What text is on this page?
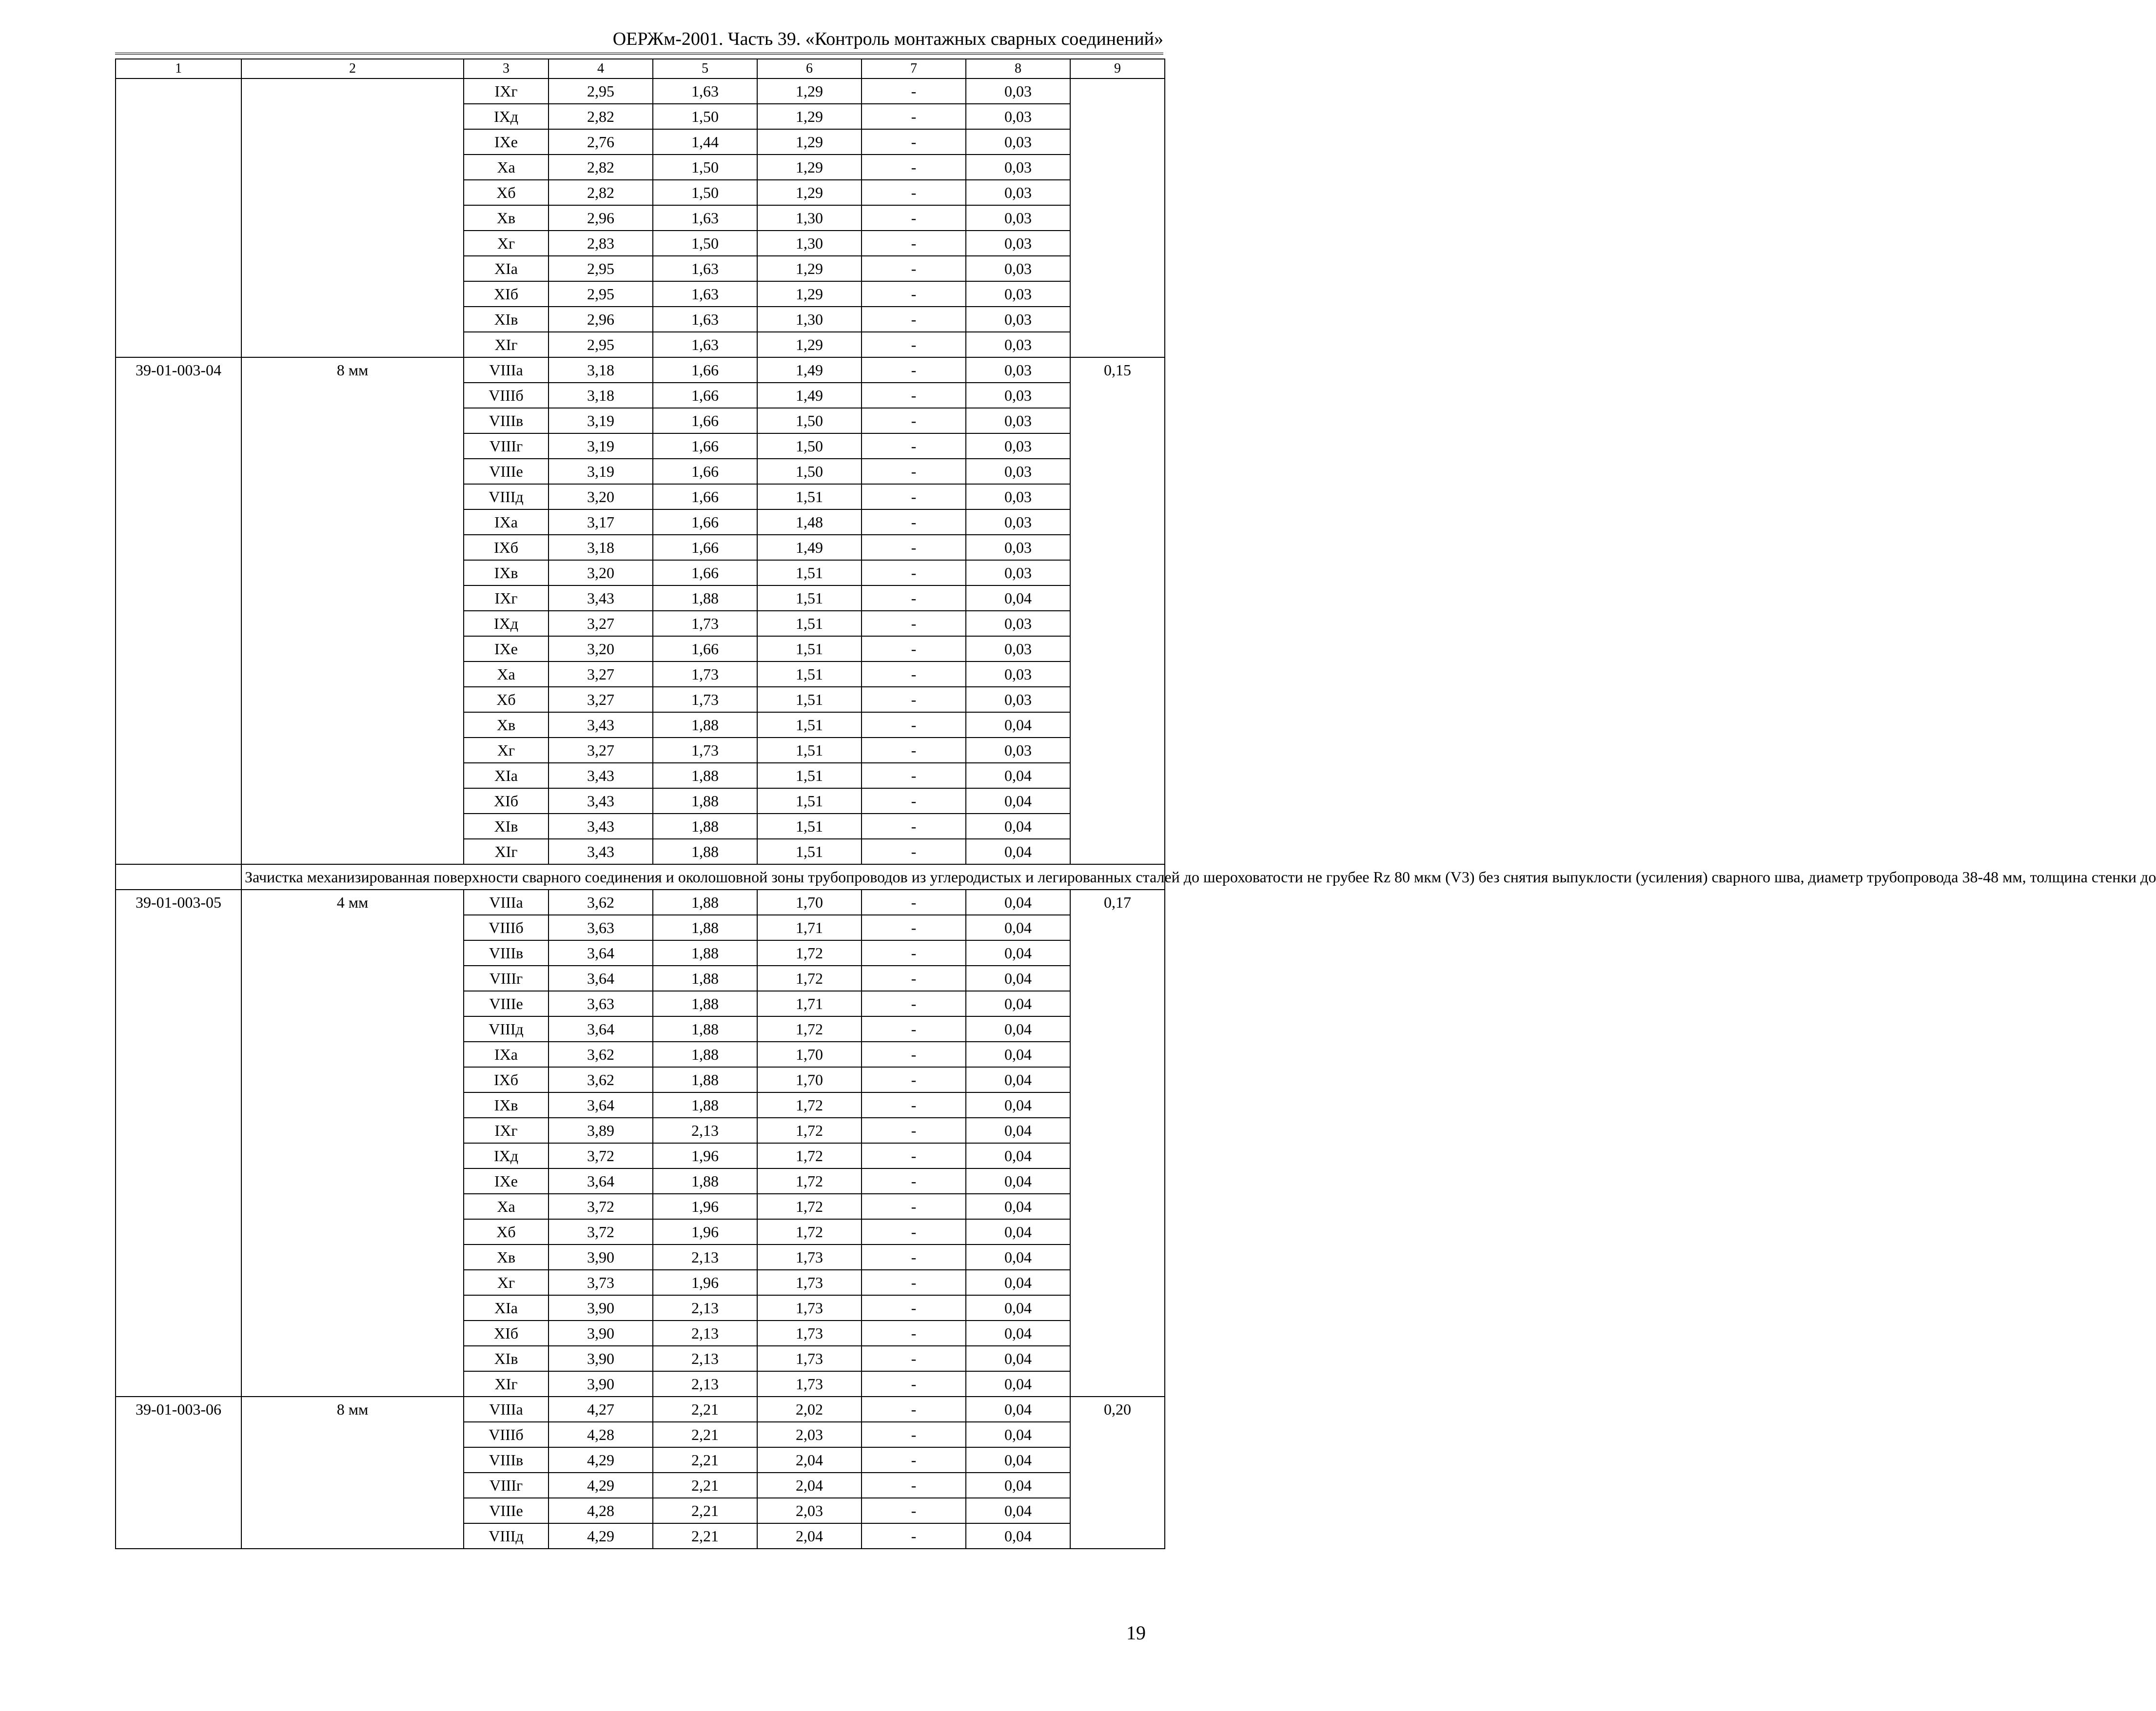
ОЕРЖм-2001. Часть 39. «Контроль монтажных сварных соединений»
1	2	3	4	5	6	7	8	9
		IXг	2,95	1,63	1,29	-	0,03	
		IXд	2,82	1,50	1,29	-	0,03	
		IXе	2,76	1,44	1,29	-	0,03	
		Xа	2,82	1,50	1,29	-	0,03	
		Xб	2,82	1,50	1,29	-	0,03	
		Xв	2,96	1,63	1,30	-	0,03	
		Xг	2,83	1,50	1,30	-	0,03	
		XIа	2,95	1,63	1,29	-	0,03	
		XIб	2,95	1,63	1,29	-	0,03	
		XIв	2,96	1,63	1,30	-	0,03	
		XIг	2,95	1,63	1,29	-	0,03	
39-01-003-04	8 мм	VIIIа	3,18	1,66	1,49	-	0,03	0,15
		VIIIб	3,18	1,66	1,49	-	0,03	
		VIIIв	3,19	1,66	1,50	-	0,03	
		VIIIг	3,19	1,66	1,50	-	0,03	
		VIIIе	3,19	1,66	1,50	-	0,03	
		VIIIд	3,20	1,66	1,51	-	0,03	
		IXа	3,17	1,66	1,48	-	0,03	
		IXб	3,18	1,66	1,49	-	0,03	
		IXв	3,20	1,66	1,51	-	0,03	
		IXг	3,43	1,88	1,51	-	0,04	
		IXд	3,27	1,73	1,51	-	0,03	
		IXе	3,20	1,66	1,51	-	0,03	
		Xа	3,27	1,73	1,51	-	0,03	
		Xб	3,27	1,73	1,51	-	0,03	
		Xв	3,43	1,88	1,51	-	0,04	
		Xг	3,27	1,73	1,51	-	0,03	
		XIа	3,43	1,88	1,51	-	0,04	
		XIб	3,43	1,88	1,51	-	0,04	
		XIв	3,43	1,88	1,51	-	0,04	
		XIг	3,43	1,88	1,51	-	0,04	
	Зачистка механизированная поверхности сварного соединения и околошовной зоны трубопроводов из углеродистых и легированных сталей до шероховатости не грубее Rz 80 мкм (V3) без снятия выпуклости (усиления) сварного шва, диаметр трубопровода 38-48 мм, толщина стенки до							
39-01-003-05	4 мм	VIIIа	3,62	1,88	1,70	-	0,04	0,17
		VIIIб	3,63	1,88	1,71	-	0,04	
		VIIIв	3,64	1,88	1,72	-	0,04	
		VIIIг	3,64	1,88	1,72	-	0,04	
		VIIIе	3,63	1,88	1,71	-	0,04	
		VIIIд	3,64	1,88	1,72	-	0,04	
		IXа	3,62	1,88	1,70	-	0,04	
		IXб	3,62	1,88	1,70	-	0,04	
		IXв	3,64	1,88	1,72	-	0,04	
		IXг	3,89	2,13	1,72	-	0,04	
		IXд	3,72	1,96	1,72	-	0,04	
		IXе	3,64	1,88	1,72	-	0,04	
		Xа	3,72	1,96	1,72	-	0,04	
		Xб	3,72	1,96	1,72	-	0,04	
		Xв	3,90	2,13	1,73	-	0,04	
		Xг	3,73	1,96	1,73	-	0,04	
		XIа	3,90	2,13	1,73	-	0,04	
		XIб	3,90	2,13	1,73	-	0,04	
		XIв	3,90	2,13	1,73	-	0,04	
		XIг	3,90	2,13	1,73	-	0,04	
39-01-003-06	8 мм	VIIIа	4,27	2,21	2,02	-	0,04	0,20
		VIIIб	4,28	2,21	2,03	-	0,04	
		VIIIв	4,29	2,21	2,04	-	0,04	
		VIIIг	4,29	2,21	2,04	-	0,04	
		VIIIе	4,28	2,21	2,03	-	0,04	
		VIIIд	4,29	2,21	2,04	-	0,04	
19
